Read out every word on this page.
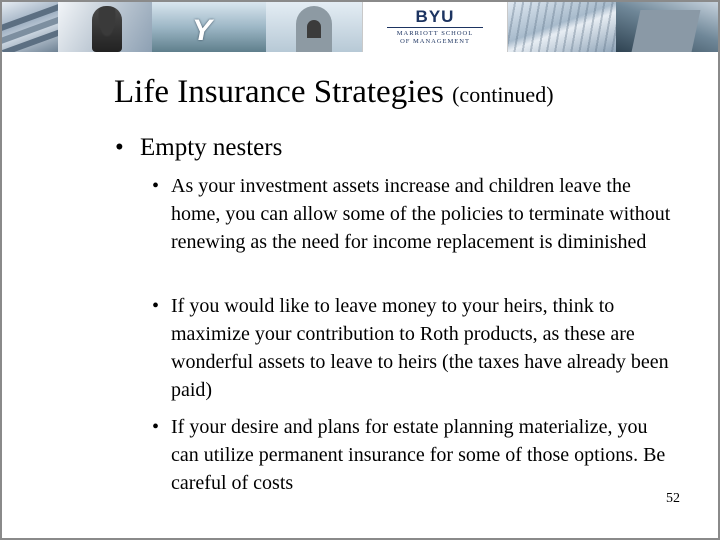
Y	BYU
MARRIOTT SCHOOL
OF MANAGEMENT
Life Insurance Strategies (continued)
• Empty nesters
• As your investment assets increase and children leave the home, you can allow some of the policies to terminate without renewing as the need for income replacement is diminished
• If you would like to leave money to your heirs, think to maximize your contribution to Roth products, as these are wonderful assets to leave to heirs (the taxes have already been paid)
• If your desire and plans for estate planning materialize, you can utilize permanent insurance for some of those options. Be careful of costs
52
